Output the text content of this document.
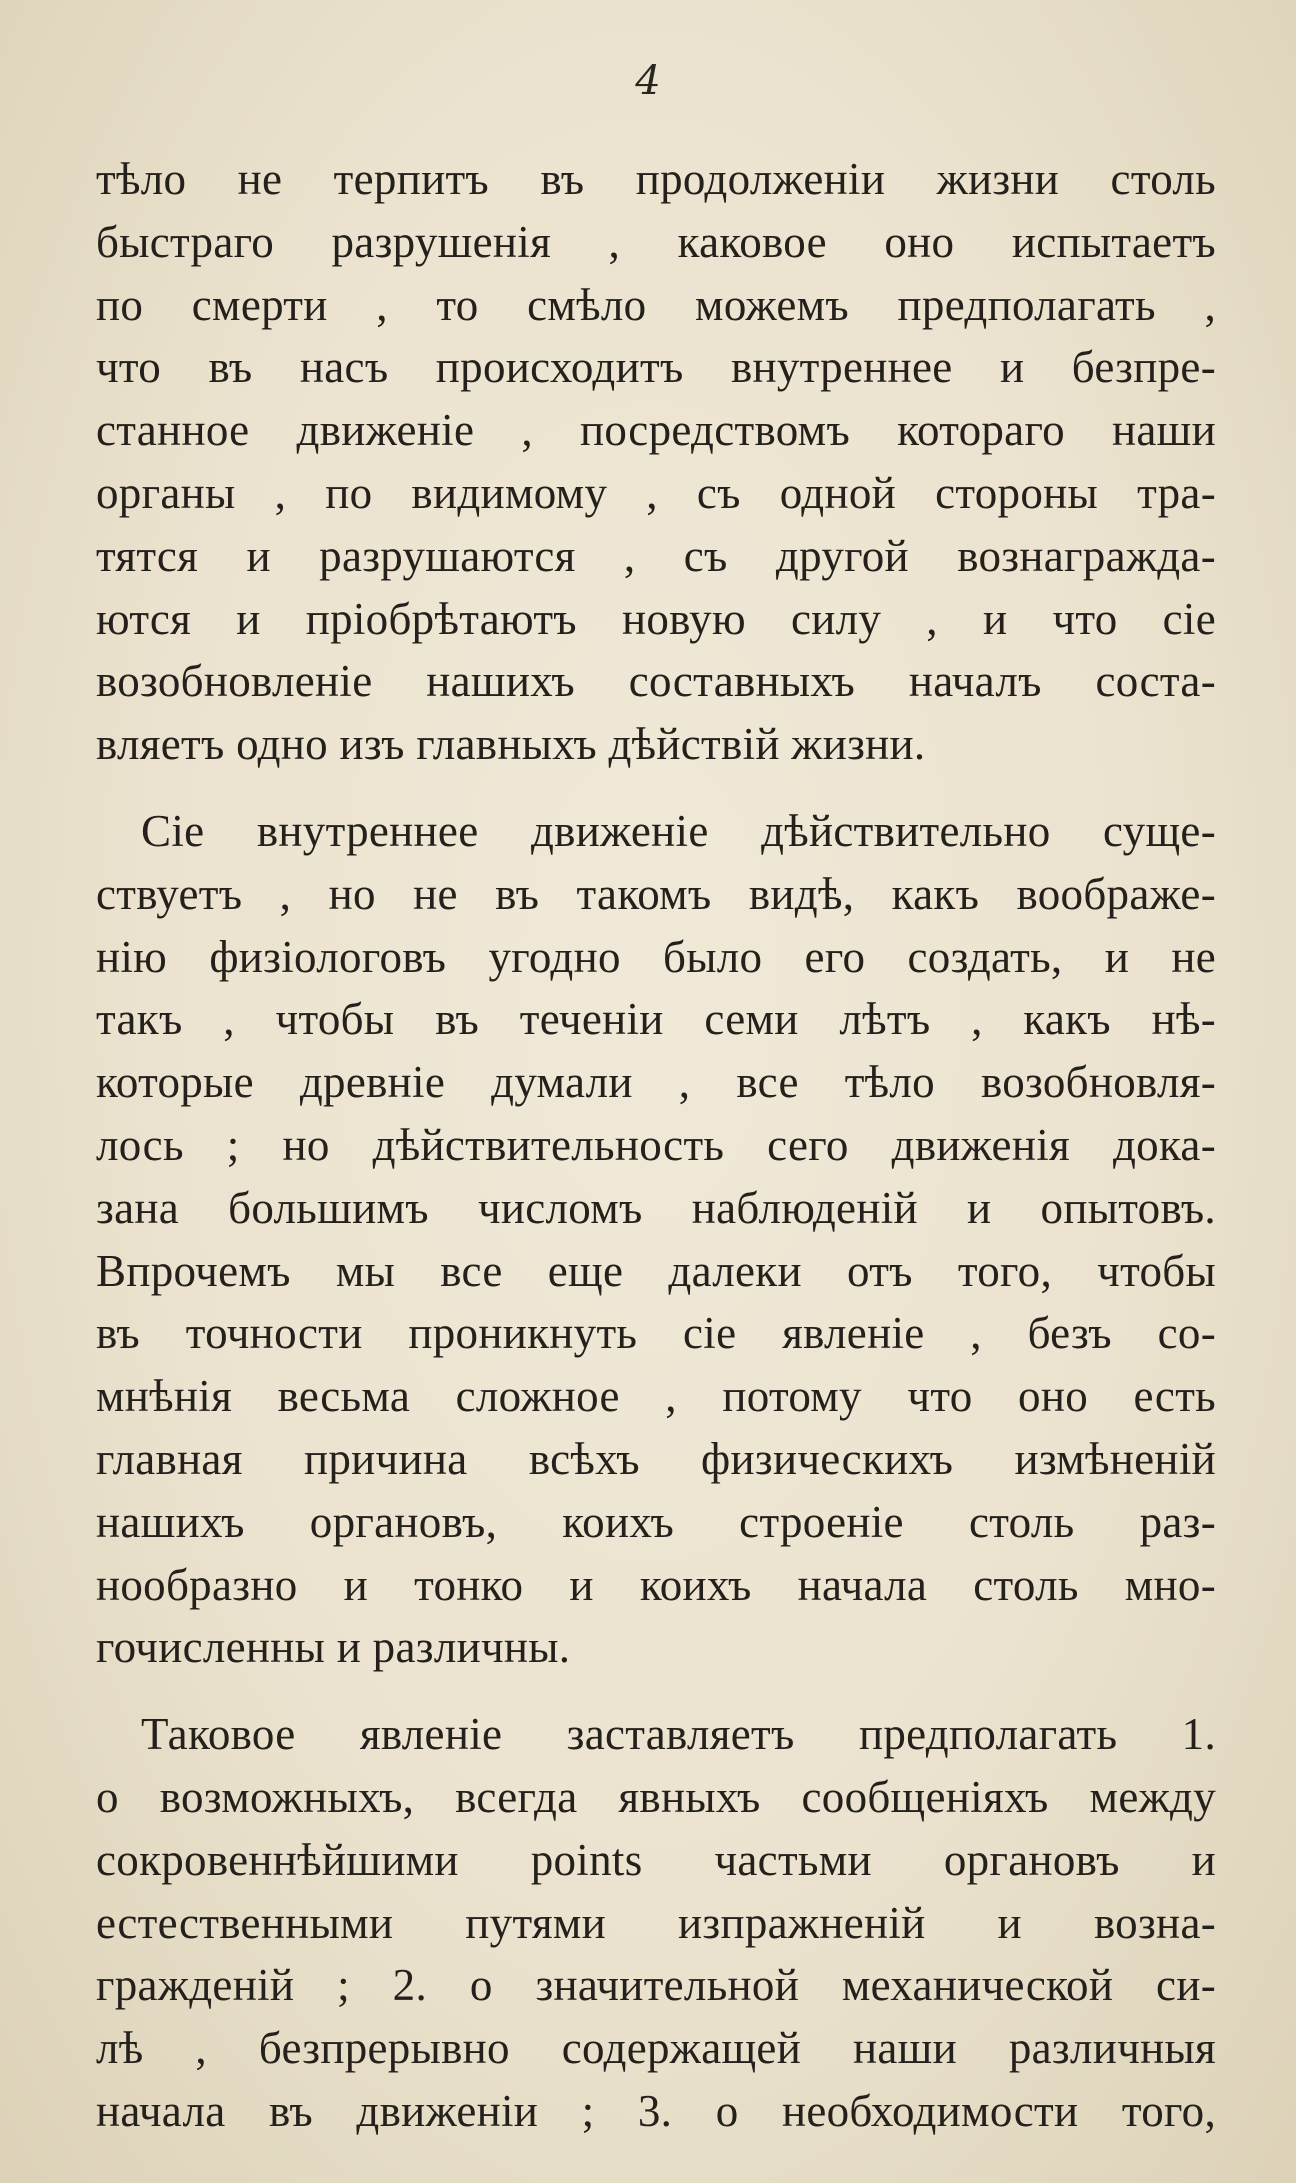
4
тѣло не терпитъ въ продолженіи жизни столь
быстраго разрушенія , каковое оно испытаетъ
по смерти , то смѣло можемъ предполагать ,
что въ насъ происходитъ внутреннее и безпре-
станное движеніе , посредствомъ котораго наши
органы , по видимому , съ одной стороны тра-
тятся и разрушаются , съ другой вознагражда-
ются и пріобрѣтаютъ новую силу , и что сіе
возобновленіе нашихъ составныхъ началъ соста-
вляетъ одно изъ главныхъ дѣйствій жизни.
Сіе внутреннее движеніе дѣйствительно суще-
ствуетъ , но не въ такомъ видѣ, какъ воображе-
нію физіологовъ угодно было его создать, и не
такъ , чтобы въ теченіи семи лѣтъ , какъ нѣ-
которые древніе думали , все тѣло возобновля-
лось ; но дѣйствительность сего движенія дока-
зана большимъ числомъ наблюденій и опытовъ.
Впрочемъ мы все еще далеки отъ того, чтобы
въ точности проникнуть сіе явленіе , безъ со-
мнѣнія весьма сложное , потому что оно есть
главная причина всѣхъ физическихъ измѣненій
нашихъ органовъ, коихъ строеніе столь раз-
нообразно и тонко и коихъ начала столь мно-
гочисленны и различны.
Таковое явленіе заставляетъ предполагать 1.
о возможныхъ, всегда явныхъ сообщеніяхъ между
сокровеннѣйшими points частьми органовъ и
естественными путями изпражненій и возна-
гражденій ; 2. о значительной механической си-
лѣ , безпрерывно содержащей наши различныя
начала въ движеніи ; 3. о необходимости того,
